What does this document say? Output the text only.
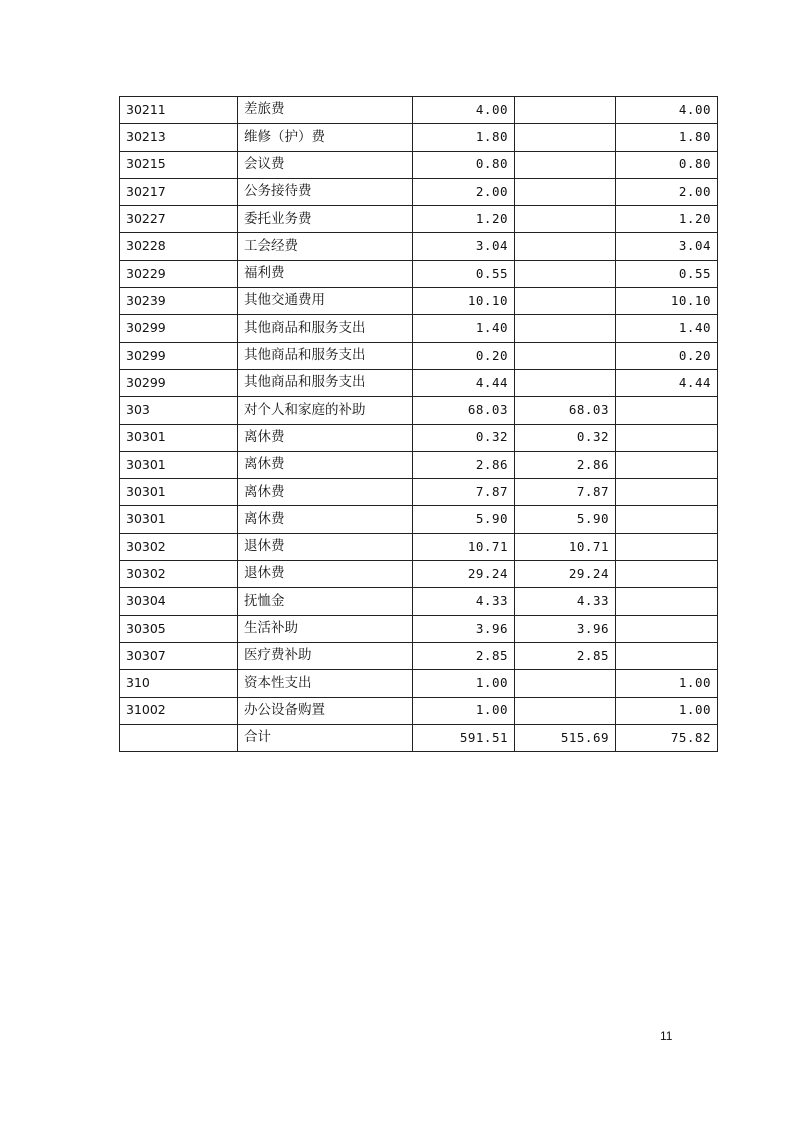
30211	差旅费	4.00		4.00
30213	维修（护）费	1.80		1.80
30215	会议费	0.80		0.80
30217	公务接待费	2.00		2.00
30227	委托业务费	1.20		1.20
30228	工会经费	3.04		3.04
30229	福利费	0.55		0.55
30239	其他交通费用	10.10		10.10
30299	其他商品和服务支出	1.40		1.40
30299	其他商品和服务支出	0.20		0.20
30299	其他商品和服务支出	4.44		4.44
303	对个人和家庭的补助	68.03	68.03	
30301	离休费	0.32	0.32	
30301	离休费	2.86	2.86	
30301	离休费	7.87	7.87	
30301	离休费	5.90	5.90	
30302	退休费	10.71	10.71	
30302	退休费	29.24	29.24	
30304	抚恤金	4.33	4.33	
30305	生活补助	3.96	3.96	
30307	医疗费补助	2.85	2.85	
310	资本性支出	1.00		1.00
31002	办公设备购置	1.00		1.00
	合计	591.51	515.69	75.82
11
